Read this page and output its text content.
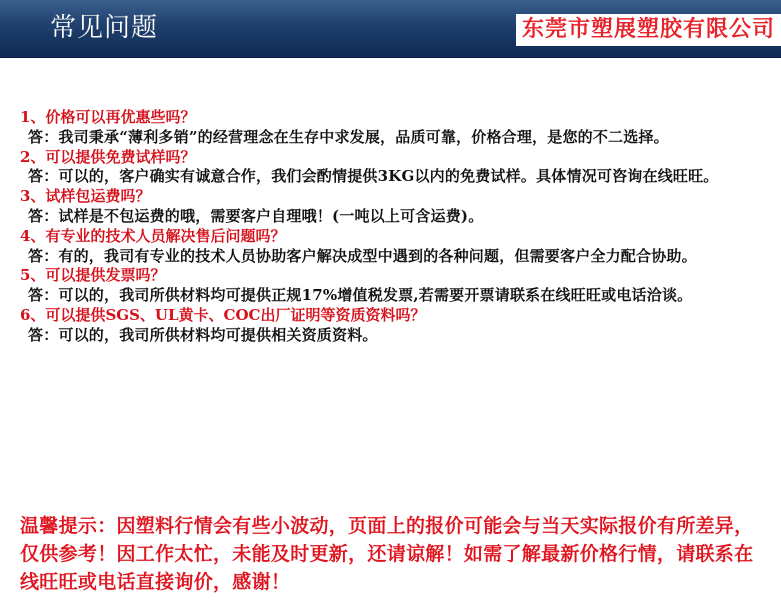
常见问题	东莞市塑展塑胶有限公司
1、价格可以再优惠些吗？
答：我司秉承“薄利多销”的经营理念在生存中求发展，品质可靠，价格合理，是您的不二选择。
2、可以提供免费试样吗？
答：可以的，客户确实有诚意合作，我们会酌情提供3KG以内的免费试样。具体情况可咨询在线旺旺。
3、试样包运费吗？
答：试样是不包运费的哦，需要客户自理哦！(一吨以上可含运费)。
4、有专业的技术人员解决售后问题吗？
答：有的，我司有专业的技术人员协助客户解决成型中遇到的各种问题，但需要客户全力配合协助。
5、可以提供发票吗？
答：可以的，我司所供材料均可提供正规17%增值税发票,若需要开票请联系在线旺旺或电话洽谈。
6、可以提供SGS、UL黄卡、COC出厂证明等资质资料吗？
答：可以的，我司所供材料均可提供相关资质资料。
温馨提示：因塑料行情会有些小波动，页面上的报价可能会与当天实际报价有所差异，仅供参考！因工作太忙，未能及时更新，还请谅解！如需了解最新价格行情，请联系在线旺旺或电话直接询价，感谢！
